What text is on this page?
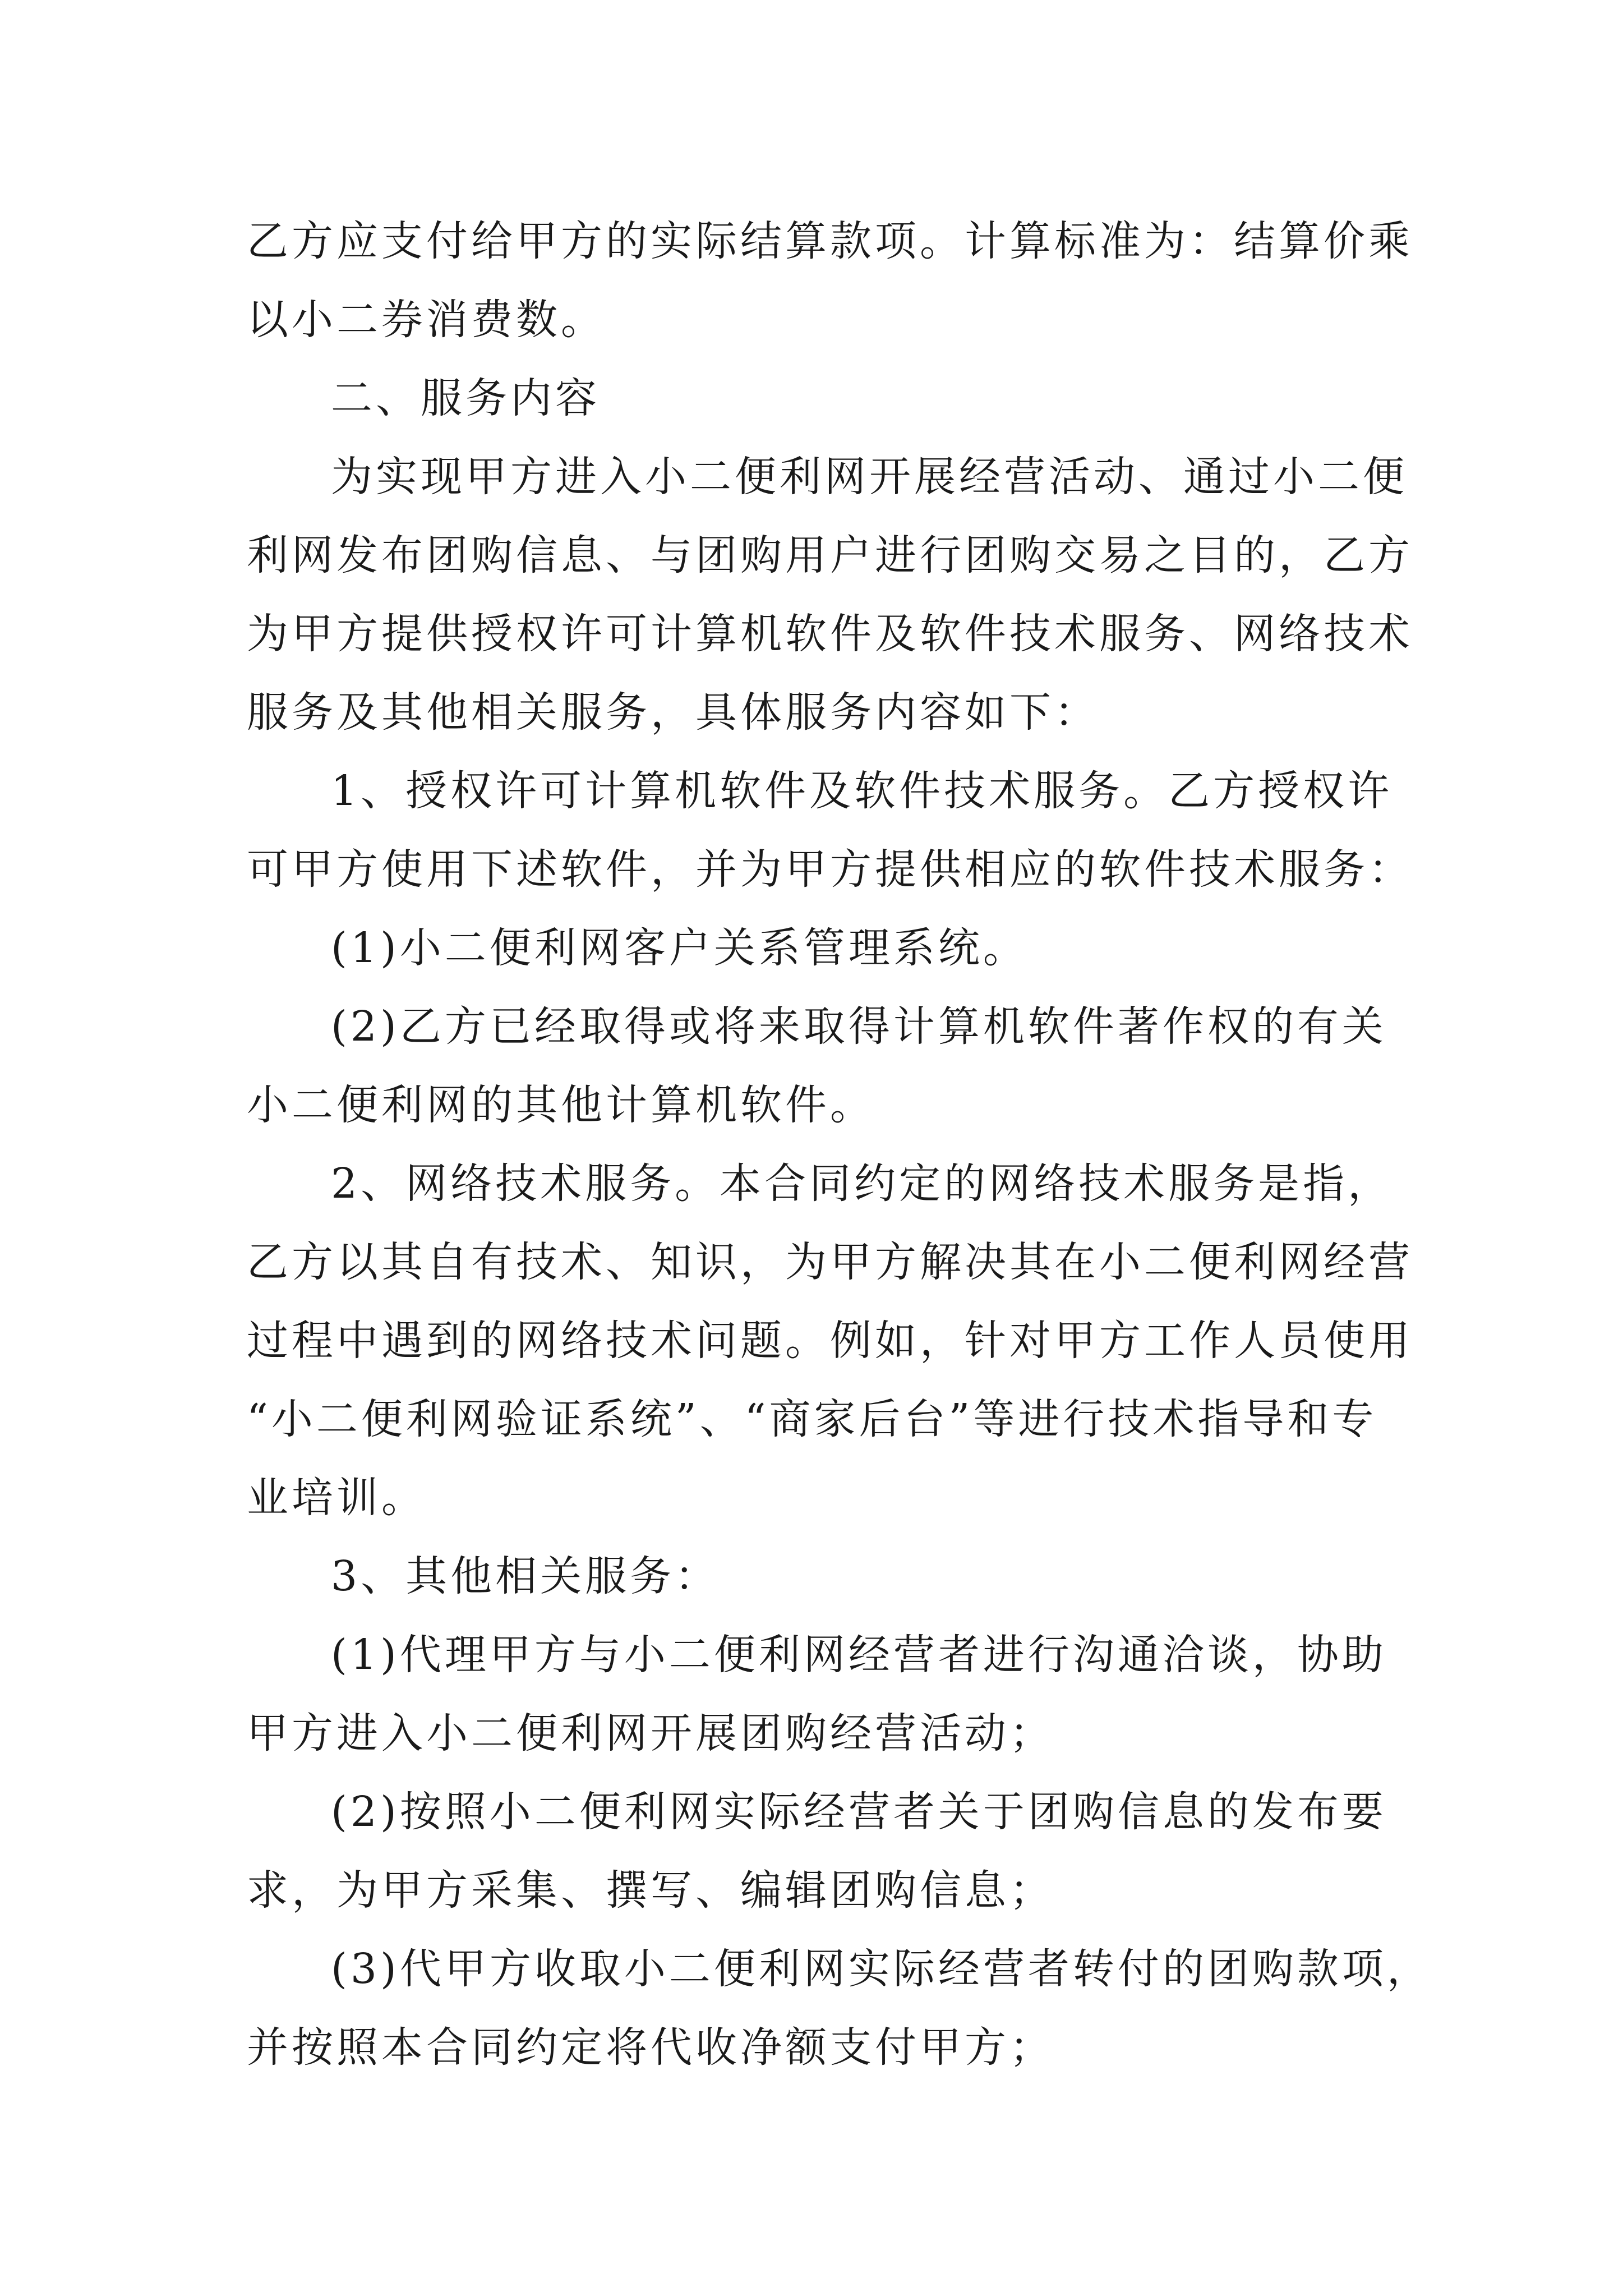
乙方应支付给甲方的实际结算款项。计算标准为：结算价乘

以小二券消费数。

二、服务内容

为实现甲方进入小二便利网开展经营活动、通过小二便

利网发布团购信息、与团购用户进行团购交易之目的，乙方

为甲方提供授权许可计算机软件及软件技术服务、网络技术

服务及其他相关服务，具体服务内容如下：

1、授权许可计算机软件及软件技术服务。乙方授权许

可甲方使用下述软件，并为甲方提供相应的软件技术服务：

(1)小二便利网客户关系管理系统。

(2)乙方已经取得或将来取得计算机软件著作权的有关

小二便利网的其他计算机软件。

2、网络技术服务。本合同约定的网络技术服务是指，

乙方以其自有技术、知识，为甲方解决其在小二便利网经营

过程中遇到的网络技术问题。例如，针对甲方工作人员使用

“小二便利网验证系统”、“商家后台”等进行技术指导和专

业培训。

3、其他相关服务：

(1)代理甲方与小二便利网经营者进行沟通洽谈，协助

甲方进入小二便利网开展团购经营活动；

(2)按照小二便利网实际经营者关于团购信息的发布要

求，为甲方采集、撰写、编辑团购信息；

(3)代甲方收取小二便利网实际经营者转付的团购款项，

并按照本合同约定将代收净额支付甲方；
